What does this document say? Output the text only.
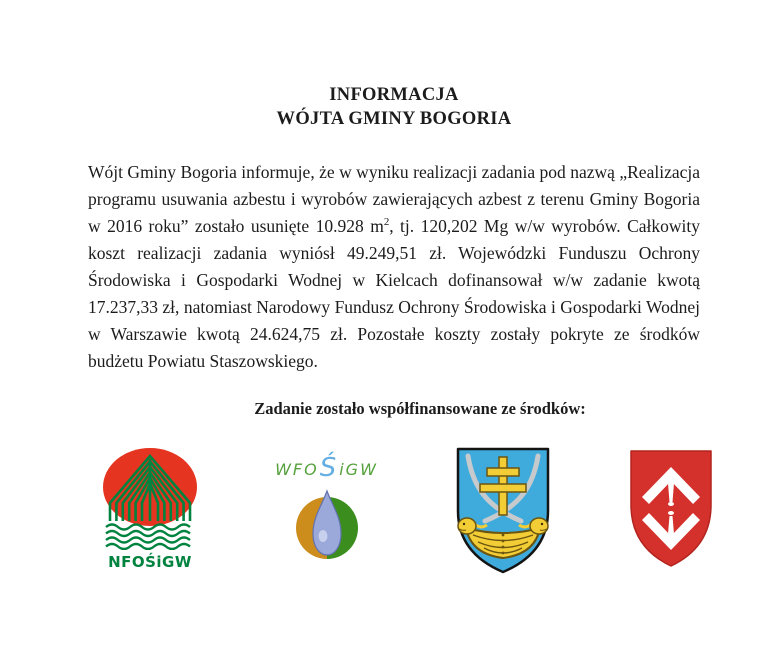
INFORMACJA
WÓJTA GMINY BOGORIA

Wójt Gminy Bogoria informuje, że w wyniku realizacji zadania pod nazwą „Realizacja programu usuwania azbestu i wyrobów zawierających azbest z terenu Gminy Bogoria w 2016 roku” zostało usunięte 10.928 $m^2$, tj. 120,202 Mg w/w wyrobów. Całkowity koszt realizacji zadania wyniósł 49.249,51 zł. Wojewódzki Funduszu Ochrony Środowiska i Gospodarki Wodnej w Kielcach dofinansował w/w zadanie kwotą 17.237,33 zł, natomiast Narodowy Fundusz Ochrony Środowiska i Gospodarki Wodnej w Warszawie kwotą 24.624,75 zł. Pozostałe koszty zostały pokryte ze środków budżetu Powiatu Staszowskiego.

Zadanie zostało współfinansowane ze środków:
NFOŚiGW
WFO Ś iGW
